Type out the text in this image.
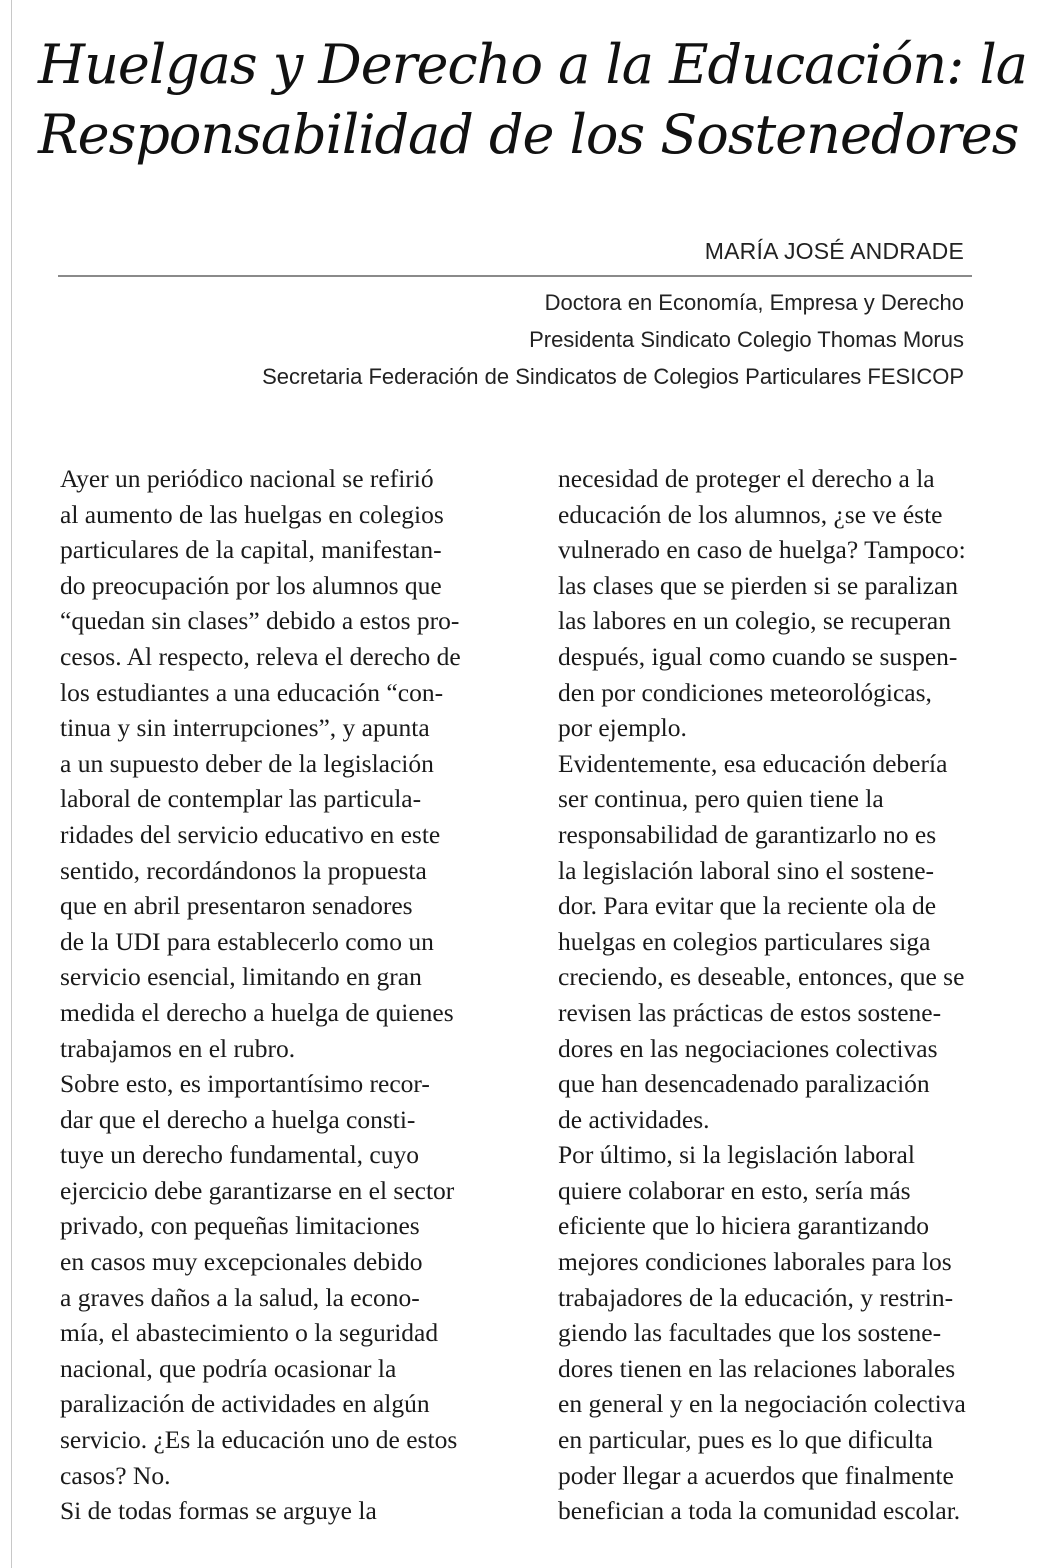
Huelgas y Derecho a la Educación: la
Responsabilidad de los Sostenedores
MARÍA JOSÉ ANDRADE
Doctora en Economía, Empresa y Derecho
Presidenta Sindicato Colegio Thomas Morus
Secretaria Federación de Sindicatos de Colegios Particulares FESICOP
Ayer un periódico nacional se refirió
al aumento de las huelgas en colegios
particulares de la capital, manifestan-
do preocupación por los alumnos que
“quedan sin clases” debido a estos pro-
cesos. Al respecto, releva el derecho de
los estudiantes a una educación “con-
tinua y sin interrupciones”, y apunta
a un supuesto deber de la legislación
laboral de contemplar las particula-
ridades del servicio educativo en este
sentido, recordándonos la propuesta
que en abril presentaron senadores
de la UDI para establecerlo como un
servicio esencial, limitando en gran
medida el derecho a huelga de quienes
trabajamos en el rubro.
Sobre esto, es importantísimo recor-
dar que el derecho a huelga consti-
tuye un derecho fundamental, cuyo
ejercicio debe garantizarse en el sector
privado, con pequeñas limitaciones
en casos muy excepcionales debido
a graves daños a la salud, la econo-
mía, el abastecimiento o la seguridad
nacional, que podría ocasionar la
paralización de actividades en algún
servicio. ¿Es la educación uno de estos
casos? No.
Si de todas formas se arguye la
necesidad de proteger el derecho a la
educación de los alumnos, ¿se ve éste
vulnerado en caso de huelga? Tampoco:
las clases que se pierden si se paralizan
las labores en un colegio, se recuperan
después, igual como cuando se suspen-
den por condiciones meteorológicas,
por ejemplo.
Evidentemente, esa educación debería
ser continua, pero quien tiene la
responsabilidad de garantizarlo no es
la legislación laboral sino el sostene-
dor. Para evitar que la reciente ola de
huelgas en colegios particulares siga
creciendo, es deseable, entonces, que se
revisen las prácticas de estos sostene-
dores en las negociaciones colectivas
que han desencadenado paralización
de actividades.
Por último, si la legislación laboral
quiere colaborar en esto, sería más
eficiente que lo hiciera garantizando
mejores condiciones laborales para los
trabajadores de la educación, y restrin-
giendo las facultades que los sostene-
dores tienen en las relaciones laborales
en general y en la negociación colectiva
en particular, pues es lo que dificulta
poder llegar a acuerdos que finalmente
benefician a toda la comunidad escolar.
